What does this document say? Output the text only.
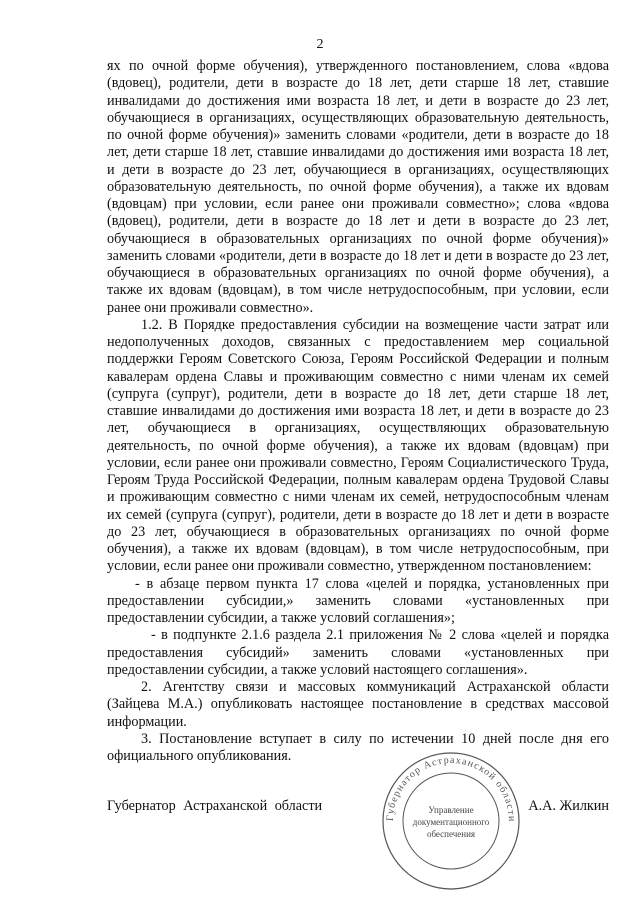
2

ях по очной форме обучения), утвержденного постановлением, слова «вдова (вдовец), родители, дети в возрасте до 18 лет, дети старше 18 лет, ставшие инвалидами до достижения ими возраста 18 лет, и дети в возрасте до 23 лет, обучающиеся в организациях, осуществляющих образовательную деятельность, по очной форме обучения)» заменить словами «родители, дети в возрасте до 18 лет, дети старше 18 лет, ставшие инвалидами до достижения ими возраста 18 лет, и дети в возрасте до 23 лет, обучающиеся в организациях, осуществляющих образовательную деятельность, по очной форме обучения), а также их вдовам (вдовцам) при условии, если ранее они проживали совместно»; слова «вдова (вдовец), родители, дети в возрасте до 18 лет и дети в возрасте до 23 лет, обучающиеся в образовательных организациях по очной форме обучения)» заменить словами «родители, дети в возрасте до 18 лет и дети в возрасте до 23 лет, обучающиеся в образовательных организациях по очной форме обучения), а также их вдовам (вдовцам), в том числе нетрудоспособным, при условии, если ранее они проживали совместно».

1.2. В Порядке предоставления субсидии на возмещение части затрат или недополученных доходов, связанных с предоставлением мер социальной поддержки Героям Советского Союза, Героям Российской Федерации и полным кавалерам ордена Славы и проживающим совместно с ними членам их семей (супруга (супруг), родители, дети в возрасте до 18 лет, дети старше 18 лет, ставшие инвалидами до достижения ими возраста 18 лет, и дети в возрасте до 23 лет, обучающиеся в организациях, осуществляющих образовательную деятельность, по очной форме обучения), а также их вдовам (вдовцам) при условии, если ранее они проживали совместно, Героям Социалистического Труда, Героям Труда Российской Федерации, полным кавалерам ордена Трудовой Славы и проживающим совместно с ними членам их семей, нетрудоспособным членам их семей (супруга (супруг), родители, дети в возрасте до 18 лет и дети в возрасте до 23 лет, обучающиеся в образовательных организациях по очной форме обучения), а также их вдовам (вдовцам), в том числе нетрудоспособным, при условии, если ранее они проживали совместно, утвержденном постановлением:

- в абзаце первом пункта 17 слова «целей и порядка, установленных при предоставлении субсидии,» заменить словами «установленных при предоставлении субсидии, а также условий соглашения»;

- в подпункте 2.1.6 раздела 2.1 приложения № 2 слова «целей и порядка предоставления субсидий» заменить словами «установленных при предоставлении субсидии, а также условий настоящего соглашения».

2. Агентству связи и массовых коммуникаций Астраханской области (Зайцева М.А.) опубликовать настоящее постановление в средствах массовой информации.

3. Постановление вступает в силу по истечении 10 дней после дня его официального опубликования.

Губернатор Астраханской области	А.А. Жилкин
Губернатор Астраханской области
Управление
документационного
обеспечения
